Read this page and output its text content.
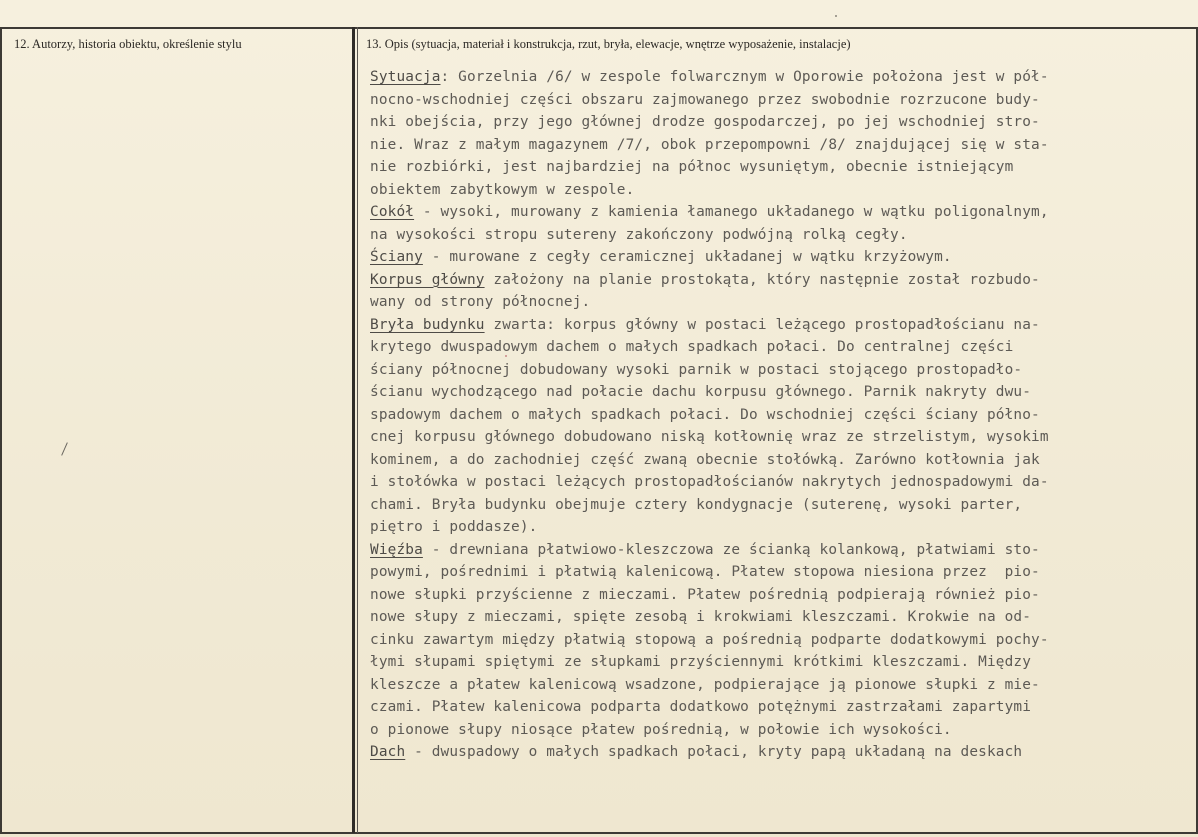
12. Autorzy, historia obiektu, określenie stylu	13. Opis (sytuacja, materiał i konstrukcja, rzut, bryła, elewacje, wnętrze wyposażenie, instalacje)
Sytuacja: Gorzelnia /6/ w zespole folwarcznym w Oporowie położona jest w pół-
nocno-wschodniej części obszaru zajmowanego przez swobodnie rozrzucone budy-
nki obejścia, przy jego głównej drodze gospodarczej, po jej wschodniej stro-
nie. Wraz z małym magazynem /7/, obok przepompowni /8/ znajdującej się w sta-
nie rozbiórki, jest najbardziej na północ wysuniętym, obecnie istniejącym
obiektem zabytkowym w zespole.
Cokół - wysoki, murowany z kamienia łamanego układanego w wątku poligonalnym,
na wysokości stropu sutereny zakończony podwójną rolką cegły.
Ściany - murowane z cegły ceramicznej układanej w wątku krzyżowym.
Korpus główny założony na planie prostokąta, który następnie został rozbudo-
wany od strony północnej.
Bryła budynku zwarta: korpus główny w postaci leżącego prostopadłościanu na-
krytego dwuspadowym dachem o małych spadkach połaci. Do centralnej części
ściany północnej dobudowany wysoki parnik w postaci stojącego prostopadło-
ścianu wychodzącego nad połacie dachu korpusu głównego. Parnik nakryty dwu-
spadowym dachem o małych spadkach połaci. Do wschodniej części ściany półno-
cnej korpusu głównego dobudowano niską kotłownię wraz ze strzelistym, wysokim
kominem, a do zachodniej część zwaną obecnie stołówką. Zarówno kotłownia jak
i stołówka w postaci leżących prostopadłościanów nakrytych jednospadowymi da-
chami. Bryła budynku obejmuje cztery kondygnacje (suterenę, wysoki parter,
piętro i poddasze).
Więźba - drewniana płatwiowo-kleszczowa ze ścianką kolankową, płatwiami sto-
powymi, pośrednimi i płatwią kalenicową. Płatew stopowa niesiona przez  pio-
nowe słupki przyścienne z mieczami. Płatew pośrednią podpierają również pio-
nowe słupy z mieczami, spięte zesobą i krokwiami kleszczami. Krokwie na od-
cinku zawartym między płatwią stopową a pośrednią podparte dodatkowymi pochy-
łymi słupami spiętymi ze słupkami przyściennymi krótkimi kleszczami. Między
kleszcze a płatew kalenicową wsadzone, podpierające ją pionowe słupki z mie-
czami. Płatew kalenicowa podparta dodatkowo potężnymi zastrzałami zapartymi
o pionowe słupy niosące płatew pośrednią, w połowie ich wysokości.
Dach - dwuspadowy o małych spadkach połaci, kryty papą układaną na deskach
